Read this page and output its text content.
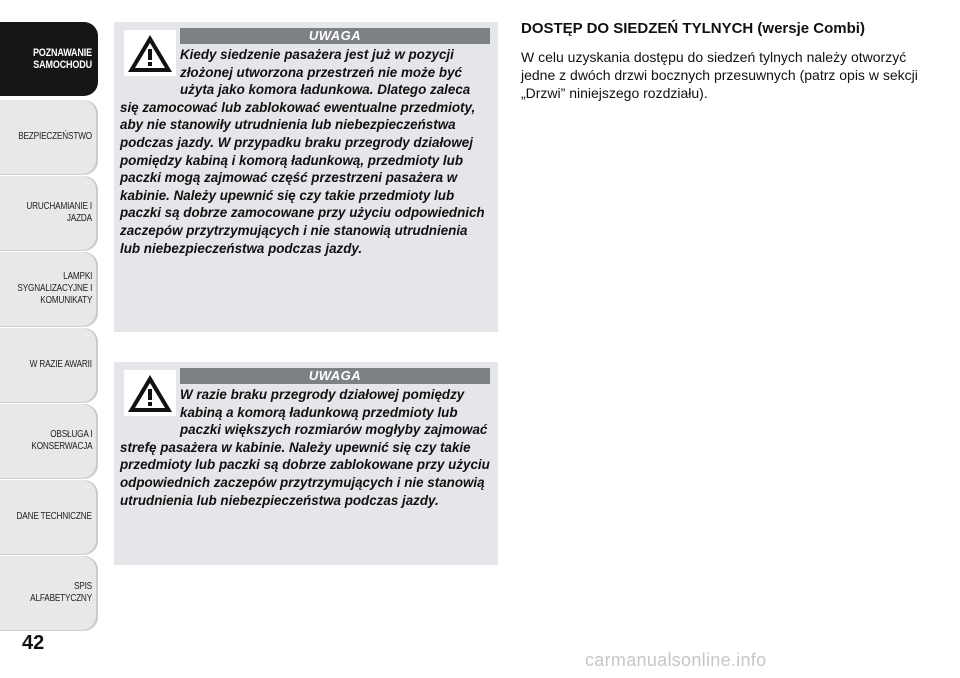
POZNAWANIE
SAMOCHODU
BEZPIECZEŃSTWO
URUCHAMIANIE I
JAZDA
LAMPKI
SYGNALIZACYJNE I
KOMUNIKATY
W RAZIE AWARII
OBSŁUGA I
KONSERWACJA
DANE TECHNICZNE
SPIS ALFABETYCZNY
42
UWAGA
Kiedy siedzenie pasażera jest już w pozycji złożonej utworzona przestrzeń nie może być użyta jako komora ładunkowa. Dlatego zaleca się zamocować lub zablokować ewentualne przedmioty, aby nie stanowiły utrudnienia lub niebezpieczeństwa podczas jazdy. W przypadku braku przegrody działowej pomiędzy kabiną i komorą ładunkową, przedmioty lub paczki mogą zajmować część przestrzeni pasażera w kabinie. Należy upewnić się czy takie przedmioty lub paczki są dobrze zamocowane przy użyciu odpowiednich zaczepów przytrzymujących i nie stanowią utrudnienia lub niebezpieczeństwa podczas jazdy.
UWAGA
W razie braku przegrody działowej pomiędzy kabiną a komorą ładunkową przedmioty lub paczki większych rozmiarów mogłyby zajmować strefę pasażera w kabinie. Należy upewnić się czy takie przedmioty lub paczki są dobrze zablokowane przy użyciu odpowiednich zaczepów przytrzymujących i nie stanowią utrudnienia lub niebezpieczeństwa podczas jazdy.
DOSTĘP DO SIEDZEŃ TYLNYCH (wersje Combi)

W celu uzyskania dostępu do siedzeń tylnych należy otworzyć jedne z dwóch drzwi bocznych przesuwnych (patrz opis w sekcji „Drzwi” niniejszego rozdziału).

carmanualsonline.info
